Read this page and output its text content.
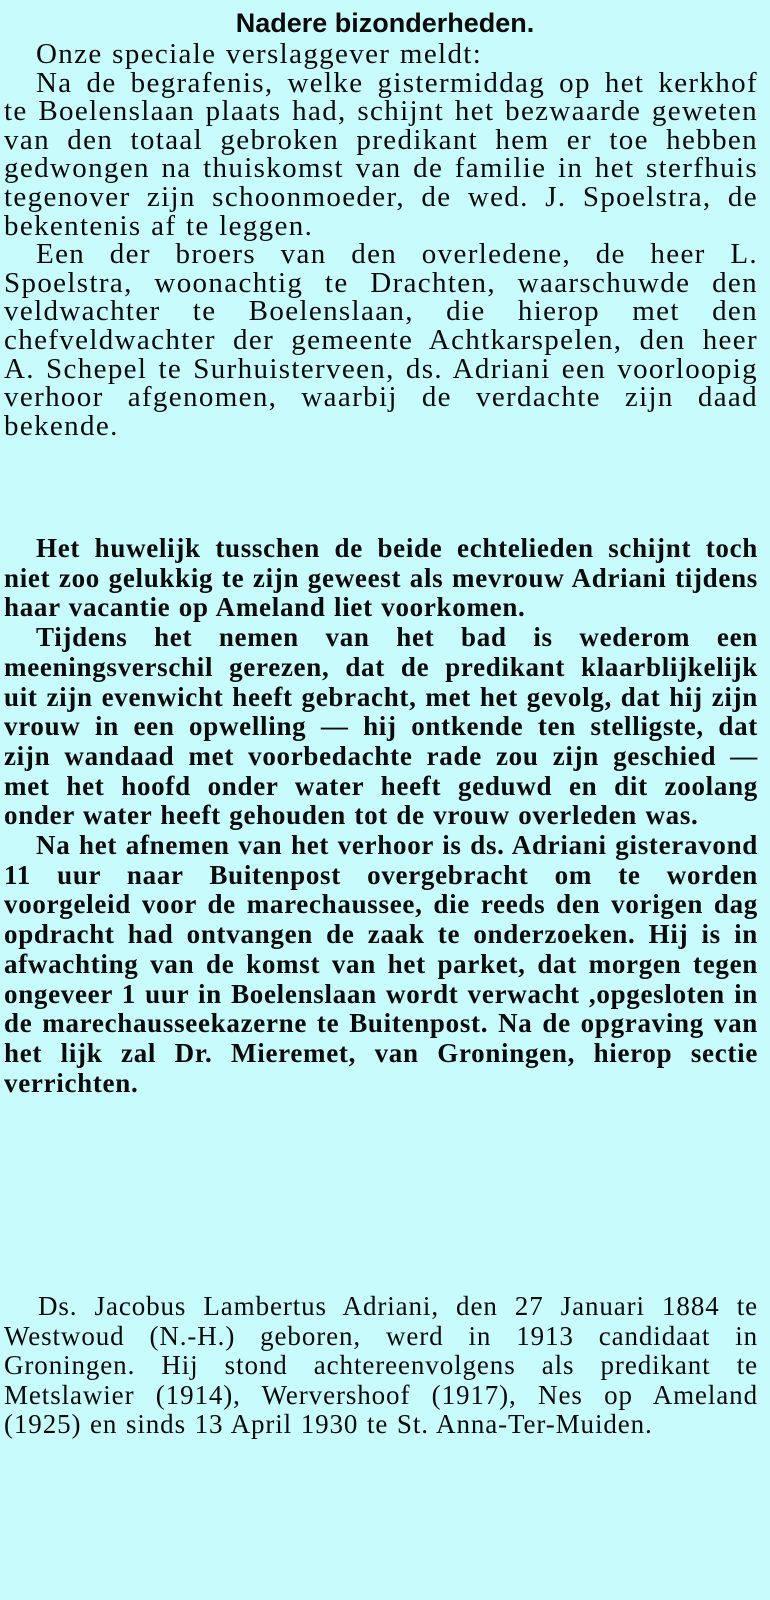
Nadere bizonderheden.

Onze speciale verslaggever meldt:

Na de begrafenis, welke gistermiddag op het kerkhof te Boelenslaan plaats had, schijnt het bezwaarde geweten van den totaal gebroken predikant hem er toe hebben gedwongen na thuiskomst van de familie in het sterfhuis tegenover zijn schoonmoeder, de wed. J. Spoelstra, de bekentenis af te leggen.

Een der broers van den overledene, de heer L. Spoelstra, woonachtig te Drachten, waarschuwde den veldwachter te Boelenslaan, die hierop met den chefveldwachter der gemeente Achtkarspelen, den heer A. Schepel te Surhuisterveen, ds. Adriani een voorloopig verhoor afgenomen, waarbij de verdachte zijn daad bekende.

Het huwelijk tusschen de beide echtelieden schijnt toch niet zoo gelukkig te zijn geweest als mevrouw Adriani tijdens haar vacantie op Ameland liet voorkomen.

Tijdens het nemen van het bad is wederom een meeningsverschil gerezen, dat de predikant klaarblijkelijk uit zijn evenwicht heeft gebracht, met het gevolg, dat hij zijn vrouw in een opwelling — hij ontkende ten stelligste, dat zijn wandaad met voorbedachte rade zou zijn geschied — met het hoofd onder water heeft geduwd en dit zoolang onder water heeft gehouden tot de vrouw overleden was.

Na het afnemen van het verhoor is ds. Adriani gisteravond 11 uur naar Buitenpost overgebracht om te worden voorgeleid voor de marechaussee, die reeds den vorigen dag opdracht had ontvangen de zaak te onderzoeken. Hij is in afwachting van de komst van het parket, dat morgen tegen ongeveer 1 uur in Boelenslaan wordt verwacht ,opgesloten in de marechausseekazerne te Buitenpost. Na de opgraving van het lijk zal Dr. Mieremet, van Groningen, hierop sectie verrichten.

Ds. Jacobus Lambertus Adriani, den 27 Januari 1884 te Westwoud (N.-H.) geboren, werd in 1913 candidaat in Groningen. Hij stond achtereenvolgens als predikant te Metslawier (1914), Wervershoof (1917), Nes op Ameland (1925) en sinds 13 April 1930 te St. Anna-Ter-Muiden.
